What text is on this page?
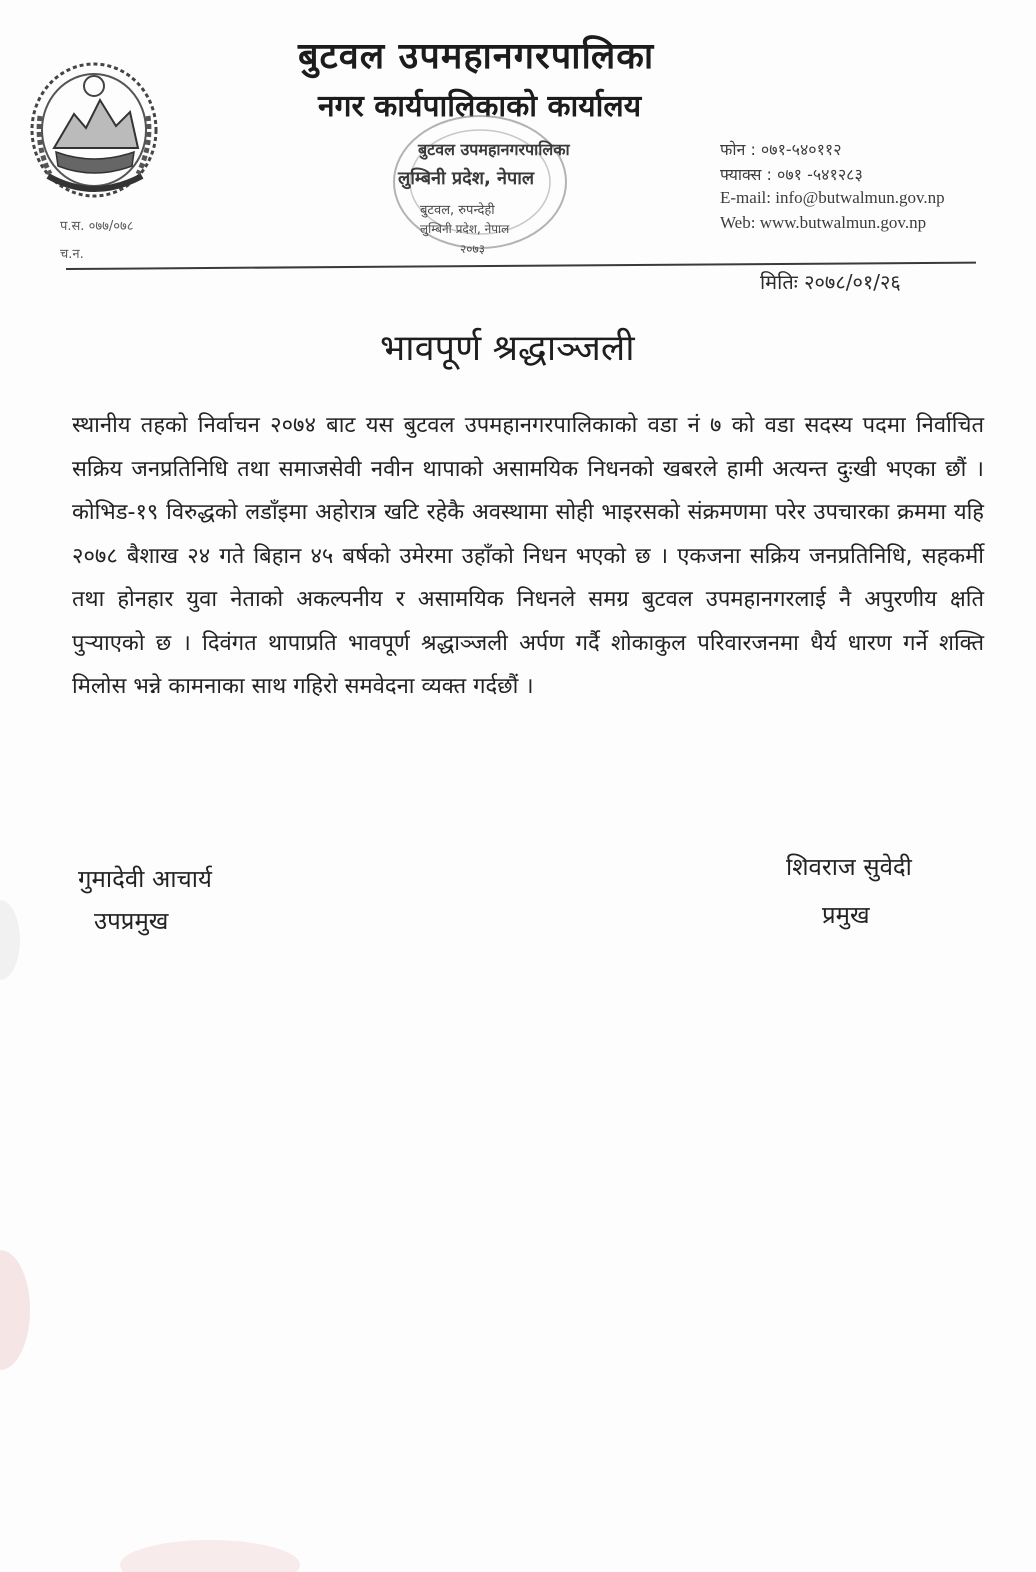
बुटवल उपमहानगरपालिका
नगर कार्यपालिकाको कार्यालय
बुटवल उपमहानगरपालिका
लुम्बिनी प्रदेश, नेपाल
बुटवल, रुपन्देही
लुम्बिनी प्रदेश, नेपाल
२०७३
फोन : ०७१-५४०११२
फ्याक्स : ०७१ -५४१२८३
E-mail: info@butwalmun.gov.np
Web: www.butwalmun.gov.np
प.स. ०७७/०७८
च.न.
मितिः २०७८/०१/२६
भावपूर्ण श्रद्धाञ्जली
स्थानीय तहको निर्वाचन २०७४ बाट यस बुटवल उपमहानगरपालिकाको वडा नं ७ को वडा सदस्य पदमा निर्वाचित सक्रिय जनप्रतिनिधि तथा समाजसेवी नवीन थापाको असामयिक निधनको खबरले हामी अत्यन्त दुःखी भएका छौं । कोभिड-१९ विरुद्धको लडाँइमा अहोरात्र खटि रहेकै अवस्थामा सोही भाइरसको संक्रमणमा परेर उपचारका क्रममा यहि २०७८ बैशाख २४ गते बिहान ४५ बर्षको उमेरमा उहाँको निधन भएको छ । एकजना सक्रिय जनप्रतिनिधि, सहकर्मी तथा होनहार युवा नेताको अकल्पनीय र असामयिक निधनले समग्र बुटवल उपमहानगरलाई नै अपुरणीय क्षति पुऱ्याएको छ । दिवंगत थापाप्रति भावपूर्ण श्रद्धाञ्जली अर्पण गर्दै शोकाकुल परिवारजनमा धैर्य धारण गर्ने शक्ति मिलोस भन्ने कामनाका साथ गहिरो समवेदना व्यक्त गर्दछौं ।
गुमादेवी आचार्य
उपप्रमुख
शिवराज सुवेदी
प्रमुख
